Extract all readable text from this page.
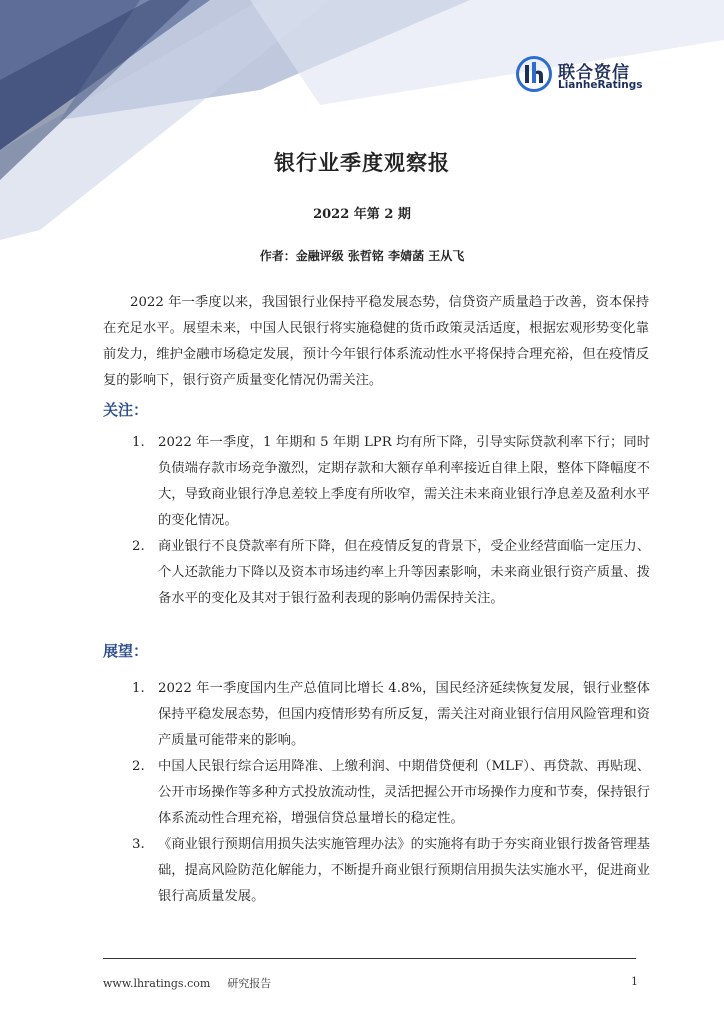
联合资信
LianheRatings
银行业季度观察报
2022 年第 2 期
作者：金融评级 张哲铭 李婧菡 王从飞

2022 年一季度以来，我国银行业保持平稳发展态势，信贷资产质量趋于改善，资本保持在充足水平。展望未来，中国人民银行将实施稳健的货币政策灵活适度，根据宏观形势变化靠前发力，维护金融市场稳定发展，预计今年银行体系流动性水平将保持合理充裕，但在疫情反复的影响下，银行资产质量变化情况仍需关注。

关注：
1. 2022 年一季度，1 年期和 5 年期 LPR 均有所下降，引导实际贷款利率下行；同时负债端存款市场竞争激烈，定期存款和大额存单利率接近自律上限，整体下降幅度不大，导致商业银行净息差较上季度有所收窄，需关注未来商业银行净息差及盈利水平的变化情况。
2. 商业银行不良贷款率有所下降，但在疫情反复的背景下，受企业经营面临一定压力、个人还款能力下降以及资本市场违约率上升等因素影响，未来商业银行资产质量、拨备水平的变化及其对于银行盈利表现的影响仍需保持关注。
展望：
1. 2022 年一季度国内生产总值同比增长 4.8%，国民经济延续恢复发展，银行业整体保持平稳发展态势，但国内疫情形势有所反复，需关注对商业银行信用风险管理和资产质量可能带来的影响。
2. 中国人民银行综合运用降准、上缴利润、中期借贷便利（MLF）、再贷款、再贴现、公开市场操作等多种方式投放流动性，灵活把握公开市场操作力度和节奏，保持银行体系流动性合理充裕，增强信贷总量增长的稳定性。
3. 《商业银行预期信用损失法实施管理办法》的实施将有助于夯实商业银行拨备管理基础，提高风险防范化解能力，不断提升商业银行预期信用损失法实施水平，促进商业银行高质量发展。
www.lhratings.com 研究报告	1
